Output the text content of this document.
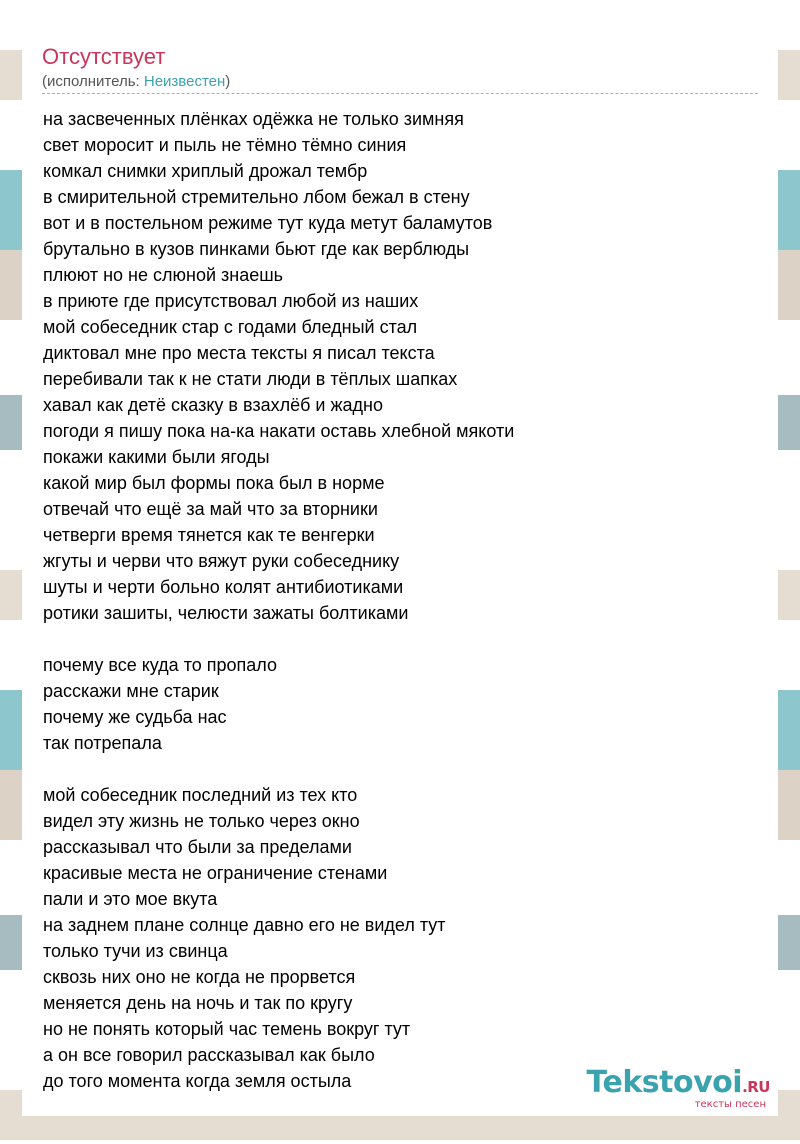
Отсутствует
(исполнитель: Неизвестен)
на засвеченных плёнках одёжка не только зимняя
свет моросит и пыль не тёмно тёмно синия
комкал снимки хриплый дрожал тембр
в смирительной стремительно лбом бежал в стену
вот и в постельном режиме тут куда метут баламутов
брутально в кузов пинками бьют где как верблюды
плюют но не слюной знаешь
в приюте где присутствовал любой из наших
мой собеседник стар с годами бледный стал
диктовал мне про места тексты я писал текста
перебивали так к не стати люди в тёплых шапках
хавал как детё сказку в взахлёб и жадно
погоди я пишу пока на-ка накати оставь хлебной мякоти
покажи какими были ягоды
какой мир был формы пока был в норме
отвечай что ещё за май что за вторники
четверги время тянется как те венгерки
жгуты и черви что вяжут руки собеседнику
шуты и черти больно колят антибиотиками
ротики зашиты, челюсти зажаты болтиками
почему все куда то пропало
расскажи мне старик
почему же судьба нас
так потрепала
мой собеседник последний из тех кто
видел эту жизнь не только через окно
рассказывал что были за пределами
красивые места не ограничение стенами
пали и это мое вкута
на заднем плане солнце давно его не видел тут
только тучи из свинца
сквозь них оно не когда не прорвется
меняется день на ночь и так по кругу
но не понять который час темень вокруг тут
а он все говорил рассказывал как было
до того момента когда земля остыла	Tekstovoi.RU
тексты песен
